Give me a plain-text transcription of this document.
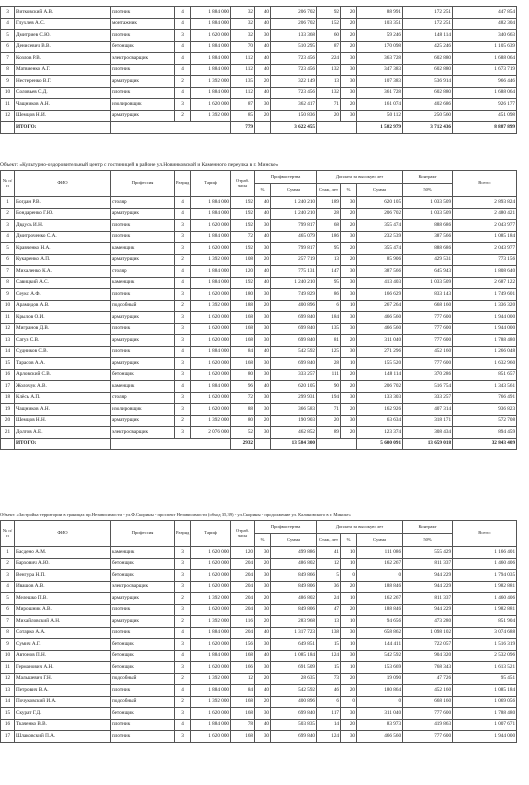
3	Витковский А.В.	плотник	4	1 884 000	32	40	206 702	92	20	88 991	172 251	447 854
4	Глухлев А.С.	монтажник	4	1 884 000	32	40	206 702	152	20	103 351	172 251	482 304
5	Дмитриев С.Ю.	плотник	3	1 620 000	32	30	133 368	60	20	59 246	148 114	340 663
6	Денисевич В.В.	бетонщик	4	1 884 000	70	40	510 295	87	20	170 098	425 246	1 105 639
7	Козлов Р.В.	электросварщик	4	1 884 000	112	40	723 456	224	30	363 728	602 880	1 688 064
8	Матвиенко А.Г.	плотник	4	1 884 000	112	40	723 456	132	30	347 383	602 880	1 673 719
9	Нестеренко В.Г.	арматурщик	2	1 392 000	135	20	322 149	13	30	107 383	536 914	966 446
10	Соловьев С.Д.	плотник	4	1 884 000	112	40	723 456	132	30	361 728	602 880	1 688 064
11	Чащников А.Н.	изолировщик	3	1 620 000	87	30	362 417	71	20	161 074	402 686	926 177
12	Шемцов Н.И.	арматурщик	2	1 392 000	85	20	150 836	20	30	50 112	250 560	451 098
	ИТОГО:				779		3 622 455			1 582 979	3 712 436	8 887 899
Объект: «Культурно-оздоровительный центр с гостиницей в районе ул.Новинковской и Каменного переулка в г. Минске»
№ п/п	ФИО	Профессия	Разряд	Тариф	Отраб. часы	Профвастертва		Доплата за высокую лет			Контракт	Всего:
						%	Сумма	Стаж, лет	%	Сумма	50%	
1	Богдан Р.В.	столяр	4	1 884 000	192	40	1 240 210	189	30	620 105	1 033 509	2 893 824
2	Бондаренко Г.Ю.	арматурщик	4	1 884 000	192	40	1 240 210	28	20	206 702	1 033 509	2 480 421
3	Двдусь И.Н.	плотник	3	1 620 000	192	30	799 817	68	20	355 474	888 686	2 043 977
4	Дмитроченко С.А.	плотник	3	1 884 000	72	40	465 079	186	30	232 539	387 566	1 085 184
5	Кравченко Н.А.	каменщик	3	1 620 000	192	30	799 817	95	20	355 474	888 686	2 043 977
6	Кукаренко А.П.	арматурщик	2	1 392 000	108	20	257 719	13	20	85 906	429 531	773 156
7	Михаленко К.А.	столяр	4	1 884 000	120	40	775 131	147	30	387 566	645 943	1 808 640
8	Савицкий А.С.	каменщик	4	1 884 000	192	40	1 240 210	95	30	413 403	1 033 509	2 687 122
9	Сеукс А.Ф.	плотник	3	1 620 000	180	30	749 829	86	30	166 629	833 143	1 749 601
10	Арамидов А.В.	подсобный	2	1 392 000	188	20	400 896	6	10	267 264	668 160	1 336 320
11	Крылов О.И.	арматурщик	3	1 620 000	168	30	699 840	184	30	466 560	777 600	1 944 000
12	Мигранов Д.В.	плотник	3	1 620 000	168	30	699 840	135	30	466 560	777 600	1 944 000
13	Сатуз С.В.	арматурщик	3	1 620 000	168	30	699 840	81	20	311 040	777 600	1 788 480
14	Судников С.В.	плотник	4	1 884 000	84	40	542 592	125	30	271 296	452 160	1 266 048
15	Тарасов А.А.	арматурщик	3	1 620 000	168	30	699 840	28	10	155 520	777 600	1 632 960
16	Арловский С.В.	бетонщик	3	1 620 000	80	30	333 257	111	20	148 114	370 286	851 657
17	Жолочук А.В.	каменщик	4	1 884 000	96	40	620 105	90	20	206 702	516 754	1 343 561
18	Клёсь А.П.	столяр	3	1 620 000	72	30	299 931	194	30	133 303	333 257	766 491
19	Чащников А.Н.	изолировщик	3	1 620 000	88	30	366 583	71	20	162 926	407 314	936 823
20	Шемцов Н.Н.	арматурщик	2	1 392 000	80	20	190 903	20	30	63 634	318 171	572 708
21	Долгов А.Е.	электросварщик	3	2 076 000	52	30	462 852	89	20	123 374	308 434	894 459
	ИТОГО:				2932		13 584 300			5 600 091	13 659 018	32 843 409
Объект: «Застройка территории в границах пр.Независимости - ул.Ф.Скорины - проспект Независимости (обход 35,39) - ул.Скорины - продолжение ул. Калиновского в г. Минске»
№ п/п	ФИО	Профессия	Разряд	Тариф	Отраб. часы	Профвастертва		Доплата за высокую лет			Контракт	Всего:
						%	Сумма	Стаж, лет	%	Сумма	50%	
1	Басдено А.М.	каменщик	3	1 620 000	120	30	499 886	41	10	111 086	555 429	1 166 401
2	Бархович А.Ю.	бетонщик	3	1 620 000	204	20	486 802	12	10	162 267	811 337	1 460 406
3	Венгура Н.П.	бетонщик	3	1 620 000	204	30	849 866	5	0	0	944 229	1 794 035
4	Ивашов А.В.	электросварщик	3	1 620 000	204	30	849 806	36	20	188 846	944 229	1 982 881
5	Мелешко П.В.	арматурщик	2	1 392 000	204	20	486 802	24	10	162 267	811 337	1 460 406
6	Мирошник А.В.	плотник	3	1 620 000	204	30	849 806	47	20	188 846	944 229	1 982 881
7	Михайловский А.Н.	арматурщик	2	1 392 000	116	20	283 968	13	10	94 656	473 280	851 904
8	Сотарко А.А.	плотник	4	1 884 000	204	40	1 317 723	138	30	658 862	1 098 102	3 074 688
9	Сумич А.Г.	бетонщик	3	1 620 000	156	30	649 851	15	10	144 411	722 057	1 516 319
10	Автонов П.Н.	бетонщик	4	1 884 000	168	40	1 085 184	124	30	542 592	904 320	2 532 096
11	Германович А.Н.	бетонщик	3	1 620 000	166	30	691 509	15	10	153 669	768 343	1 613 521
12	Мальшевич Г.Н.	подсобный	2	1 392 000	12	20	28 635	73	20	19 090	47 726	95 451
13	Петрович В.А.	плотник	4	1 884 000	84	40	542 592	46	20	180 864	452 160	1 085 184
14	Почуковский И.А.	подсобный	2	1 392 000	168	20	400 896	6	0	0	668 160	1 069 056
15	Скурат Г.Д.	бетонщик	3	1 620 000	168	30	699 840	117	30	311 040	777 600	1 788 480
16	Ткаченко В.В.	плотник	4	1 884 000	78	40	503 835	14	20	83 973	419 863	1 007 671
17	Шлаковский П.А.	плотник	3	1 620 000	168	30	699 840	124	30	466 560	777 600	1 944 000
